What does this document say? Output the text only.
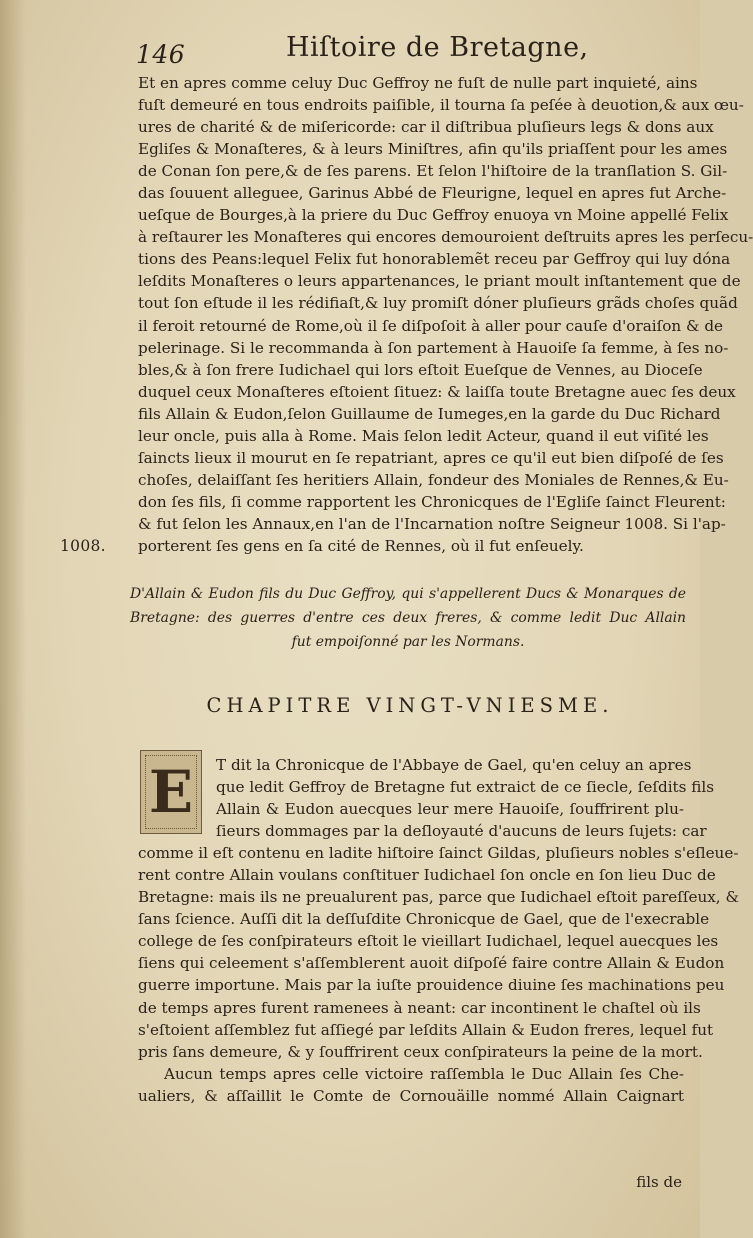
146	Hiſtoire de Bretagne,
1008.
Et en apres comme celuy Duc Geffroy ne fuſt de nulle part inquieté, ains
fuſt demeuré en tous endroits paiſible, il tourna ſa peſée à deuotion,& aux œu-
ures de charité & de miſericorde: car il diſtribua pluſieurs legs & dons aux
Egliſes & Monaſteres, & à leurs Miniſtres, afin qu'ils priaſſent pour les ames
de Conan ſon pere,& de ſes parens. Et ſelon l'hiſtoire de la tranſlation S. Gil-
das ſouuent alleguee, Garinus Abbé de Fleurigne, lequel en apres fut Arche-
ueſque de Bourges,à la priere du Duc Geffroy enuoya vn Moine appellé Felix
à reſtaurer les Monaſteres qui encores demouroient deſtruits apres les perſecu-
tions des Peans:lequel Felix fut honorablemẽt receu par Geffroy qui luy dóna
leſdits Monaſteres o leurs appartenances, le priant moult inſtantement que de
tout ſon eſtude il les rédifiaſt,& luy promiſt dóner pluſieurs grãds choſes quãd
il feroit retourné de Rome,où il ſe diſpoſoit à aller pour cauſe d'oraiſon & de
pelerinage. Si le recommanda à ſon partement à Hauoiſe ſa femme, à ſes no-
bles,& à ſon frere Iudichael qui lors eſtoit Eueſque de Vennes, au Dioceſe
duquel ceux Monaſteres eſtoient ſituez: & laiſſa toute Bretagne auec ſes deux
fils Allain & Eudon,ſelon Guillaume de Iumeges,en la garde du Duc Richard
leur oncle, puis alla à Rome. Mais ſelon ledit Acteur, quand il eut viſité les
ſaincts lieux il mourut en ſe repatriant, apres ce qu'il eut bien diſpoſé de ſes
choſes, delaiſſant ſes heritiers Allain, fondeur des Moniales de Rennes,& Eu-
don ſes fils, ſi comme rapportent les Chronicques de l'Egliſe ſainct Fleurent:
& fut ſelon les Annaux,en l'an de l'Incarnation noſtre Seigneur 1008. Si l'ap-
porterent ſes gens en ſa cité de Rennes, où il fut enſeuely.
D'Allain & Eudon fils du Duc Geffroy, qui s'appellerent Ducs & Monarques de
Bretagne: des guerres d'entre ces deux freres, & comme ledit Duc Allain
fut empoiſonné par les Normans.
CHAPITRE VINGT-VNIESME.
E	T dit la Chronicque de l'Abbaye de Gael, qu'en celuy an apres
que ledit Geffroy de Bretagne fut extraict de ce ſiecle, ſeſdits fils
Allain & Eudon auecques leur mere Hauoiſe, ſouffrirent plu-
ſieurs dommages par la deſloyauté d'aucuns de leurs ſujets: car
comme il eſt contenu en ladite hiſtoire ſainct Gildas, pluſieurs nobles s'eſleue-
rent contre Allain voulans conſtituer Iudichael ſon oncle en ſon lieu Duc de
Bretagne: mais ils ne preualurent pas, parce que Iudichael eſtoit pareſſeux, &
ſans ſcience. Auſſi dit la deſſuſdite Chronicque de Gael, que de l'execrable
college de ſes conſpirateurs eſtoit le vieillart Iudichael, lequel auecques les
ſiens qui celeement s'aſſemblerent auoit diſpoſé faire contre Allain & Eudon
guerre importune. Mais par la iuſte prouidence diuine ſes machinations peu
de temps apres furent ramenees à neant: car incontinent le chaſtel où ils
s'eſtoient aſſemblez fut aſſiegé par leſdits Allain & Eudon freres, lequel fut
pris ſans demeure, & y ſouffrirent ceux conſpirateurs la peine de la mort.
Aucun temps apres celle victoire raſſembla le Duc Allain ſes Che-
ualiers, & aſſaillit le Comte de Cornouäille nommé Allain Caignart
fils de
